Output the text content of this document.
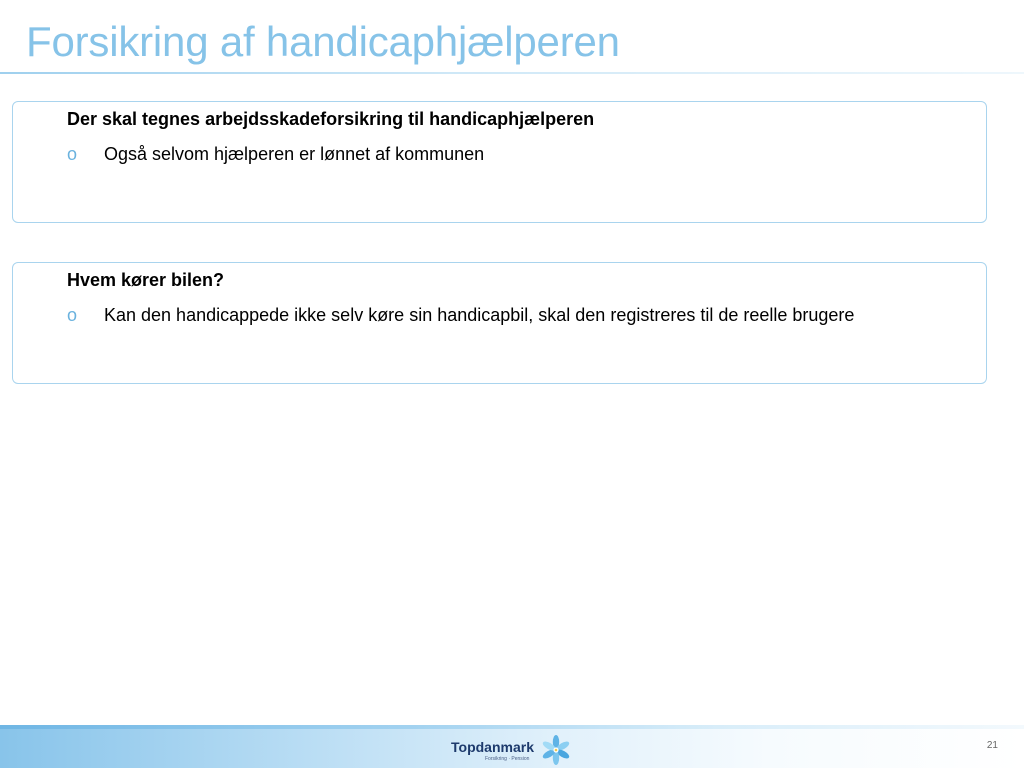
Forsikring af handicaphjælperen
Der skal tegnes arbejdsskadeforsikring til handicaphjælperen
o Også selvom hjælperen er lønnet af kommunen
Hvem kører bilen?
o Kan den handicappede ikke selv køre sin handicapbil, skal den registreres til de reelle brugere
Topdanmark
Forsikring · Pension
21
